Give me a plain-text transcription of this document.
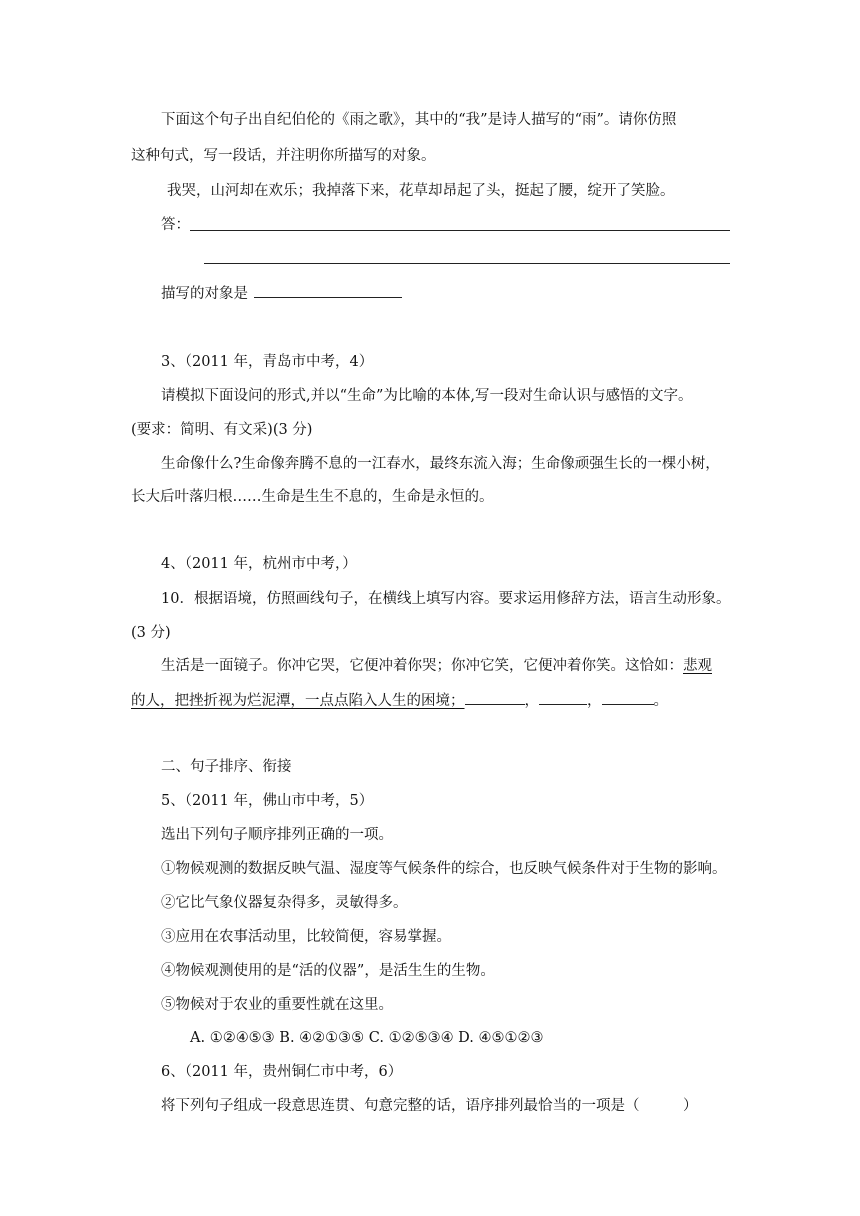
下面这个句子出自纪伯伦的《雨之歌》，其中的“我”是诗人描写的“雨”。请你仿照
这种句式，写一段话，并注明你所描写的对象。
我哭，山河却在欢乐；我掉落下来，花草却昂起了头，挺起了腰，绽开了笑脸。
答：
描写的对象是
3、（2011 年，青岛市中考，4）
请模拟下面设问的形式,并以“生命”为比喻的本体,写一段对生命认识与感悟的文字。
(要求：简明、有文采)(3 分)
生命像什么?生命像奔腾不息的一江春水，最终东流入海；生命像顽强生长的一棵小树，
长大后叶落归根……生命是生生不息的，生命是永恒的。
4、（2011 年，杭州市中考，）
10．根据语境，仿照画线句子，在横线上填写内容。要求运用修辞方法，语言生动形象。
(3 分)
生活是一面镜子。你冲它哭，它便冲着你哭；你冲它笑，它便冲着你笑。这恰如：悲观
的人，把挫折视为烂泥潭，一点点陷入人生的困境；	，	，	。
二、句子排序、衔接
5、（2011 年，佛山市中考，5）
选出下列句子顺序排列正确的一项。
①物候观测的数据反映气温、湿度等气候条件的综合，也反映气候条件对于生物的影响。
②它比气象仪器复杂得多，灵敏得多。
③应用在农事活动里，比较简便，容易掌握。
④物候观测使用的是“活的仪器”，是活生生的生物。
⑤物候对于农业的重要性就在这里。
A. ①②④⑤③ B. ④②①③⑤ C. ①②⑤③④ D. ④⑤①②③
6、（2011 年，贵州铜仁市中考，6）
将下列句子组成一段意思连贯、句意完整的话，语序排列最恰当的一项是（　　　）
